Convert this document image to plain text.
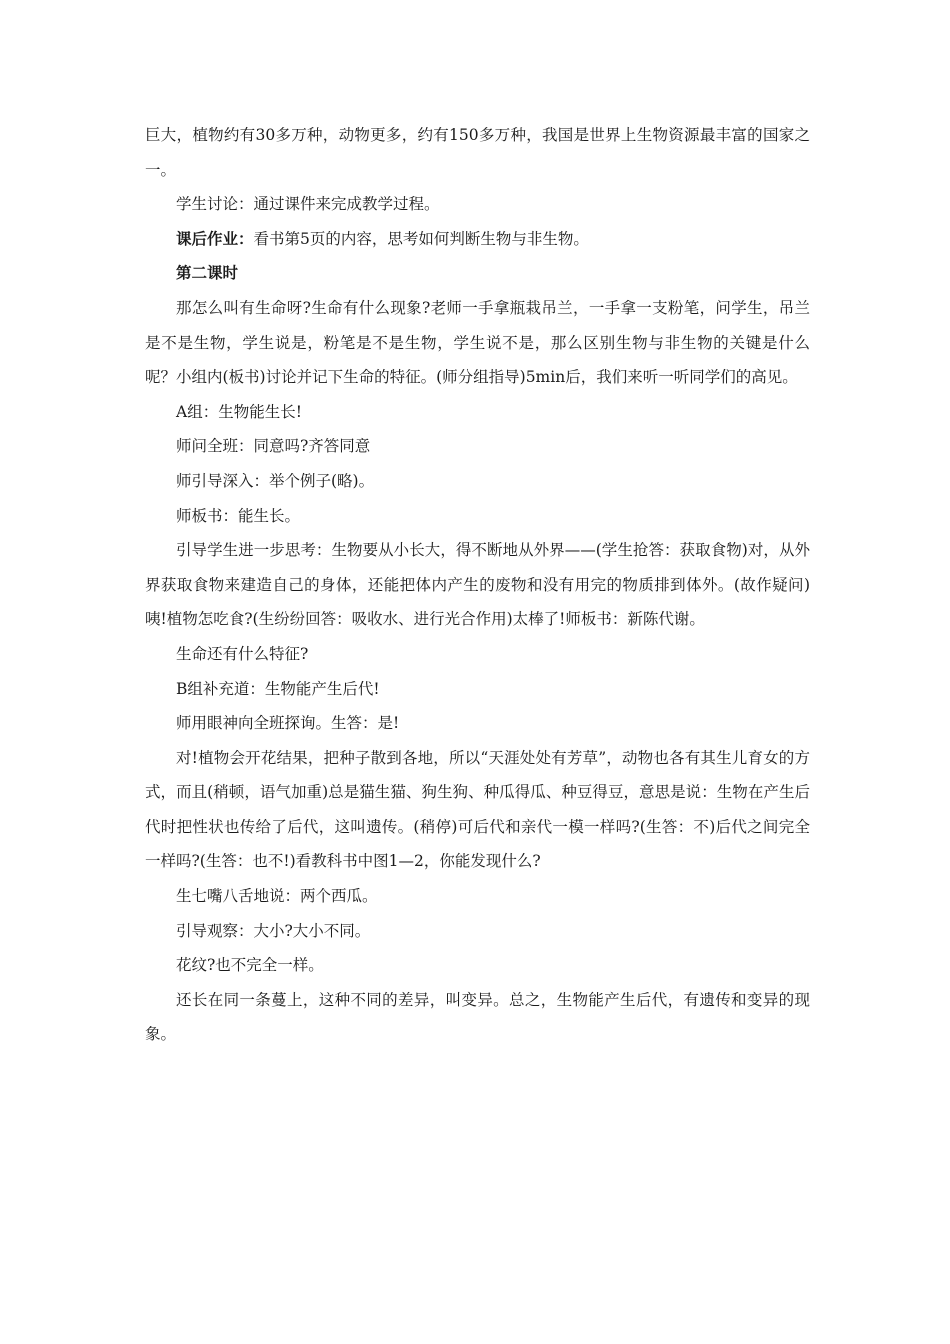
巨大，植物约有30多万种，动物更多，约有150多万种，我国是世界上生物资源最丰富的国家之一。

学生讨论：通过课件来完成教学过程。

课后作业：看书第5页的内容，思考如何判断生物与非生物。

第二课时

那怎么叫有生命呀?生命有什么现象?老师一手拿瓶栽吊兰，一手拿一支粉笔，问学生，吊兰是不是生物，学生说是，粉笔是不是生物，学生说不是，那么区别生物与非生物的关键是什么呢？小组内(板书)讨论并记下生命的特征。(师分组指导)5min后，我们来听一听同学们的高见。

A组：生物能生长!

师问全班：同意吗?齐答同意

师引导深入：举个例子(略)。

师板书：能生长。

引导学生进一步思考：生物要从小长大，得不断地从外界——(学生抢答：获取食物)对，从外界获取食物来建造自己的身体，还能把体内产生的废物和没有用完的物质排到体外。(故作疑问)咦!植物怎吃食?(生纷纷回答：吸收水、进行光合作用)太棒了!师板书：新陈代谢。

生命还有什么特征?

B组补充道：生物能产生后代!

师用眼神向全班探询。生答：是!

对!植物会开花结果，把种子散到各地，所以“天涯处处有芳草”，动物也各有其生儿育女的方式，而且(稍顿，语气加重)总是猫生猫、狗生狗、种瓜得瓜、种豆得豆，意思是说：生物在产生后代时把性状也传给了后代，这叫遗传。(稍停)可后代和亲代一模一样吗?(生答：不)后代之间完全一样吗?(生答：也不!)看教科书中图1—2，你能发现什么?

生七嘴八舌地说：两个西瓜。

引导观察：大小?大小不同。

花纹?也不完全一样。

还长在同一条蔓上，这种不同的差异，叫变异。总之，生物能产生后代，有遗传和变异的现象。
